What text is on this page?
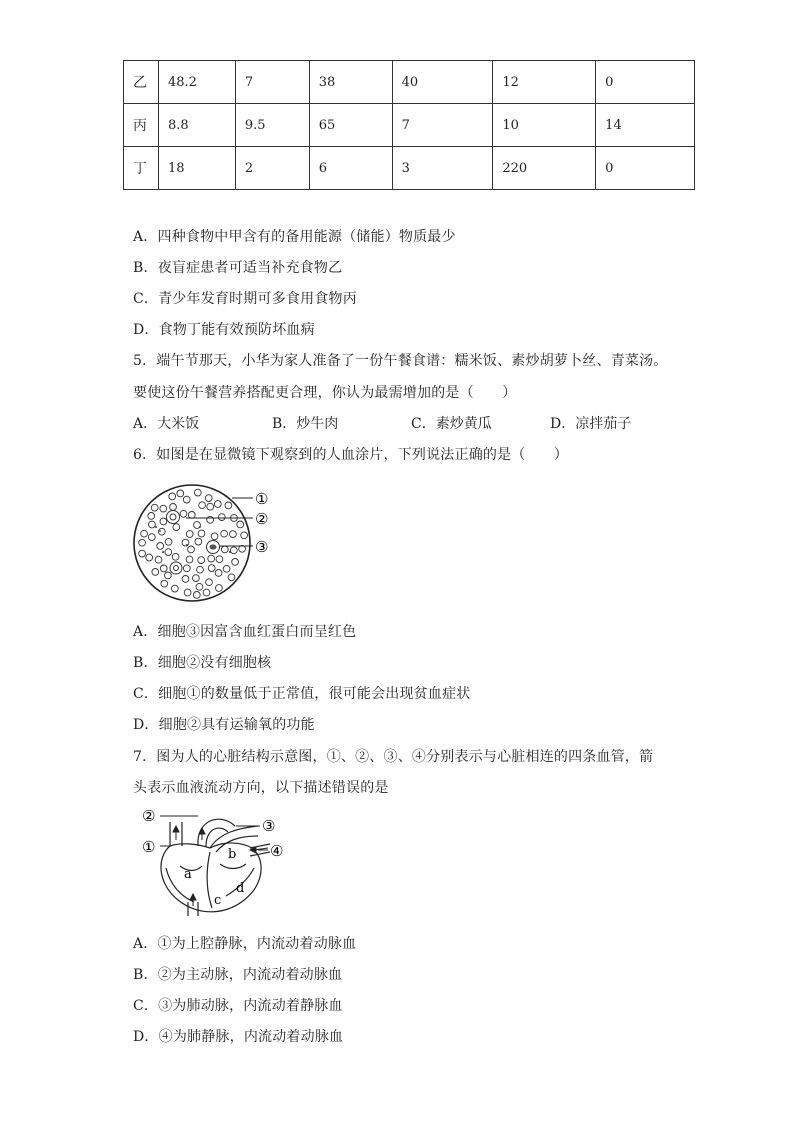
乙	48.2	7	38	40	12	0
丙	8.8	9.5	65	7	10	14
丁	18	2	6	3	220	0
A．四种食物中甲含有的备用能源（储能）物质最少
B．夜盲症患者可适当补充食物乙
C．青少年发育时期可多食用食物丙
D．食物丁能有效预防坏血病
5．端午节那天，小华为家人准备了一份午餐食谱：糯米饭、素炒胡萝卜丝、青菜汤。
要使这份午餐营养搭配更合理，你认为最需增加的是（　　）
A．大米饭	B．炒牛肉	C．素炒黄瓜	D．凉拌茄子
6．如图是在显微镜下观察到的人血涂片，下列说法正确的是（　　）
①
②
③
A．细胞③因富含血红蛋白而呈红色
B．细胞②没有细胞核
C．细胞①的数量低于正常值，很可能会出现贫血症状
D．细胞②具有运输氧的功能
7．图为人的心脏结构示意图，①、②、③、④分别表示与心脏相连的四条血管，箭
头表示血液流动方向，以下描述错误的是
②
①
③
④
a
b
c
d
A．①为上腔静脉，内流动着动脉血
B．②为主动脉，内流动着动脉血
C．③为肺动脉，内流动着静脉血
D．④为肺静脉，内流动着动脉血
